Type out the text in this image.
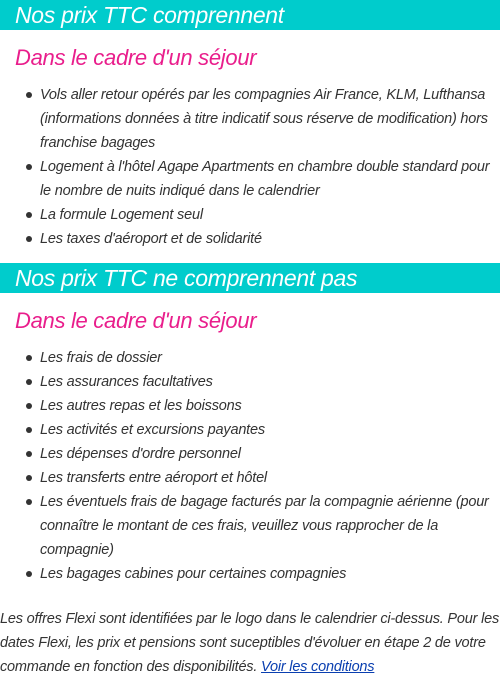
Nos prix TTC comprennent
Dans le cadre d'un séjour
Vols aller retour opérés par les compagnies Air France, KLM, Lufthansa (informations données à titre indicatif sous réserve de modification) hors franchise bagages
Logement à l'hôtel Agape Apartments en chambre double standard pour le nombre de nuits indiqué dans le calendrier
La formule Logement seul
Les taxes d'aéroport et de solidarité
Nos prix TTC ne comprennent pas
Dans le cadre d'un séjour
Les frais de dossier
Les assurances facultatives
Les autres repas et les boissons
Les activités et excursions payantes
Les dépenses d'ordre personnel
Les transferts entre aéroport et hôtel
Les éventuels frais de bagage facturés par la compagnie aérienne (pour connaître le montant de ces frais, veuillez vous rapprocher de la compagnie)
Les bagages cabines pour certaines compagnies

Les offres Flexi sont identifiées par le logo dans le calendrier ci-dessus. Pour les dates Flexi, les prix et pensions sont suceptibles d'évoluer en étape 2 de votre commande en fonction des disponibilités. Voir les conditions
